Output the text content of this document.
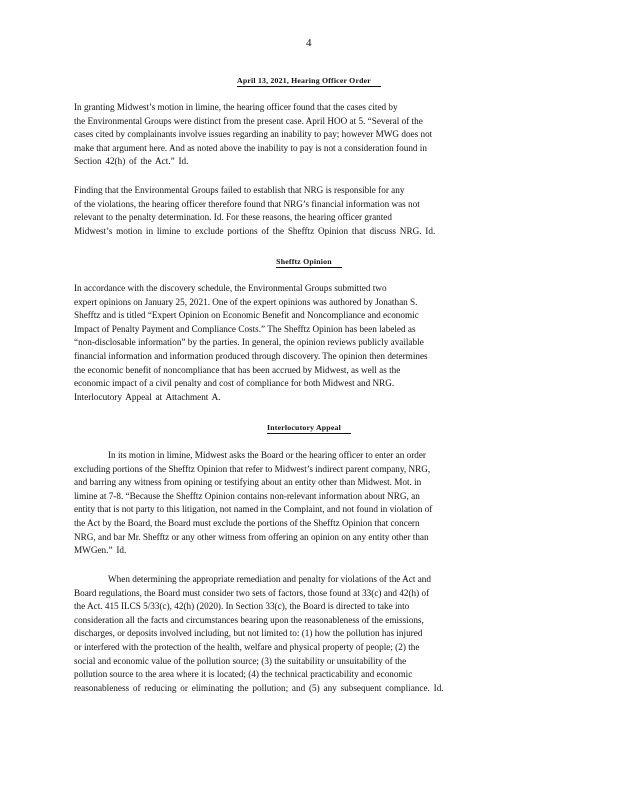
4
April 13, 2021, Hearing Officer Order
In granting Midwest’s motion in limine, the hearing officer found that the cases cited by
the Environmental Groups were distinct from the present case. April HOO at 5. “Several of the
cases cited by complainants involve issues regarding an inability to pay; however MWG does not
make that argument here. And as noted above the inability to pay is not a consideration found in
Section 42(h) of the Act.” Id.
Finding that the Environmental Groups failed to establish that NRG is responsible for any
of the violations, the hearing officer therefore found that NRG’s financial information was not
relevant to the penalty determination. Id. For these reasons, the hearing officer granted
Midwest’s motion in limine to exclude portions of the Shefftz Opinion that discuss NRG. Id.
Shefftz Opinion
In accordance with the discovery schedule, the Environmental Groups submitted two
expert opinions on January 25, 2021. One of the expert opinions was authored by Jonathan S.
Shefftz and is titled “Expert Opinion on Economic Benefit and Noncompliance and economic
Impact of Penalty Payment and Compliance Costs.” The Shefftz Opinion has been labeled as
“non-disclosable information” by the parties. In general, the opinion reviews publicly available
financial information and information produced through discovery. The opinion then determines
the economic benefit of noncompliance that has been accrued by Midwest, as well as the
economic impact of a civil penalty and cost of compliance for both Midwest and NRG.
Interlocutory Appeal at Attachment A.
Interlocutory Appeal
In its motion in limine, Midwest asks the Board or the hearing officer to enter an order
excluding portions of the Shefftz Opinion that refer to Midwest’s indirect parent company, NRG,
and barring any witness from opining or testifying about an entity other than Midwest. Mot. in
limine at 7-8. “Because the Shefftz Opinion contains non-relevant information about NRG, an
entity that is not party to this litigation, not named in the Complaint, and not found in violation of
the Act by the Board, the Board must exclude the portions of the Shefftz Opinion that concern
NRG, and bar Mr. Shefftz or any other witness from offering an opinion on any entity other than
MWGen.” Id.
When determining the appropriate remediation and penalty for violations of the Act and
Board regulations, the Board must consider two sets of factors, those found at 33(c) and 42(h) of
the Act. 415 ILCS 5/33(c), 42(h) (2020). In Section 33(c), the Board is directed to take into
consideration all the facts and circumstances bearing upon the reasonableness of the emissions,
discharges, or deposits involved including, but not limited to: (1) how the pollution has injured
or interfered with the protection of the health, welfare and physical property of people; (2) the
social and economic value of the pollution source; (3) the suitability or unsuitability of the
pollution source to the area where it is located; (4) the technical practicability and economic
reasonableness of reducing or eliminating the pollution; and (5) any subsequent compliance. Id.
